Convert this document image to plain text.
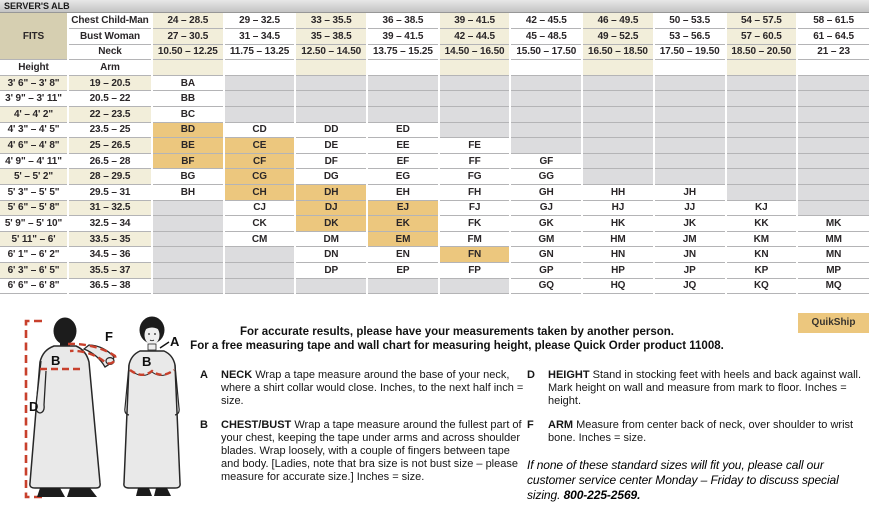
SERVER'S ALB
FITS	Chest Child-Man	24 – 28.5	29 – 32.5	33 – 35.5	36 – 38.5	39 – 41.5	42 – 45.5	46 – 49.5	50 – 53.5	54 – 57.5	58 – 61.5
	Bust Woman	27 – 30.5	31 – 34.5	35 – 38.5	39 – 41.5	42 – 44.5	45 – 48.5	49 – 52.5	53 – 56.5	57 – 60.5	61 – 64.5
	Neck	10.50 – 12.25	11.75 – 13.25	12.50 – 14.50	13.75 – 15.25	14.50 – 16.50	15.50 – 17.50	16.50 – 18.50	17.50 – 19.50	18.50 – 20.50	21 – 23
Height	Arm										
3' 6" – 3' 8"	19 – 20.5	BA									
3' 9" – 3' 11"	20.5 – 22	BB									
4' – 4' 2"	22 – 23.5	BC									
4' 3" – 4' 5"	23.5 – 25	BD	CD	DD	ED						
4' 6" – 4' 8"	25 – 26.5	BE	CE	DE	EE	FE					
4' 9" – 4' 11"	26.5 – 28	BF	CF	DF	EF	FF	GF				
5' – 5' 2"	28 – 29.5	BG	CG	DG	EG	FG	GG				
5' 3" – 5' 5"	29.5 – 31	BH	CH	DH	EH	FH	GH	HH	JH		
5' 6" – 5' 8"	31 – 32.5		CJ	DJ	EJ	FJ	GJ	HJ	JJ	KJ	
5' 9" – 5' 10"	32.5 – 34		CK	DK	EK	FK	GK	HK	JK	KK	MK
5' 11" – 6'	33.5 – 35		CM	DM	EM	FM	GM	HM	JM	KM	MM
6' 1" – 6' 2"	34.5 – 36			DN	EN	FN	GN	HN	JN	KN	MN
6' 3" – 6' 5"	35.5 – 37			DP	EP	FP	GP	HP	JP	KP	MP
6' 6" – 6' 8"	36.5 – 38						GQ	HQ	JQ	KQ	MQ
QuikShip
D
B
F	A
B
For accurate results, please have your measurements taken by another person.
For a free measuring tape and wall chart for measuring height, please Quick Order product 11008.
A	NECK Wrap a tape measure around the base of your neck, where a shirt collar would close. Inches, to the next half inch = size.

B	CHEST/BUST Wrap a tape measure around the fullest part of your chest, keeping the tape under arms and across shoulder blades. Wrap loosely, with a couple of fingers between tape and body. [Ladies, note that bra size is not bust size – please measure for accurate size.] Inches = size.

D	HEIGHT Stand in stocking feet with heels and back against wall. Mark height on wall and measure from mark to floor. Inches = height.

F	ARM Measure from center back of neck, over shoulder to wrist bone. Inches = size.

If none of these standard sizes will fit you, please call our customer service center Monday – Friday to discuss special sizing. 800-225-2569.
